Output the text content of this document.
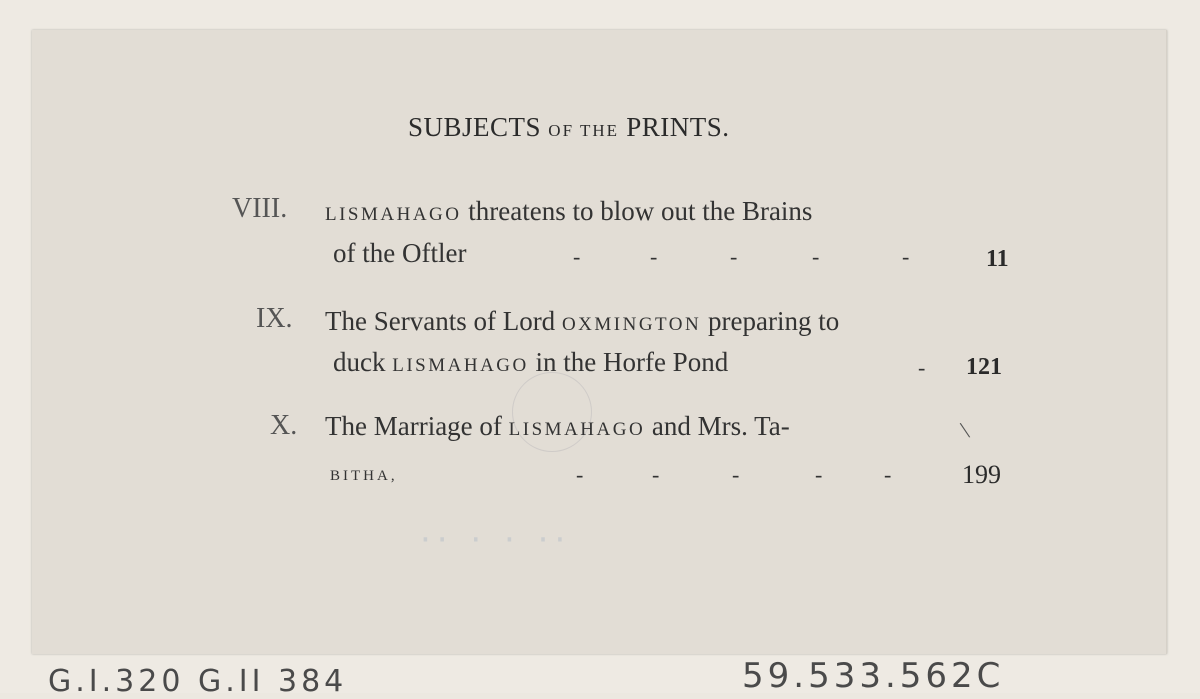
·· · · ··
SUBJECTS OF THE PRINTS.
VIII. LISMAHAGO threatens to blow out the Brains
of the Oftler	-	-	-	-	-	11
IX. The Servants of Lord OXMINGTON preparing to
duck LISMAHAGO in the Horfe Pond	- 121
X. The Marriage of LISMAHAGO and Mrs. Ta-	\
BITHA,	-	-	-	-	-	199
G.I.320 G.II 384	59.533.562C
